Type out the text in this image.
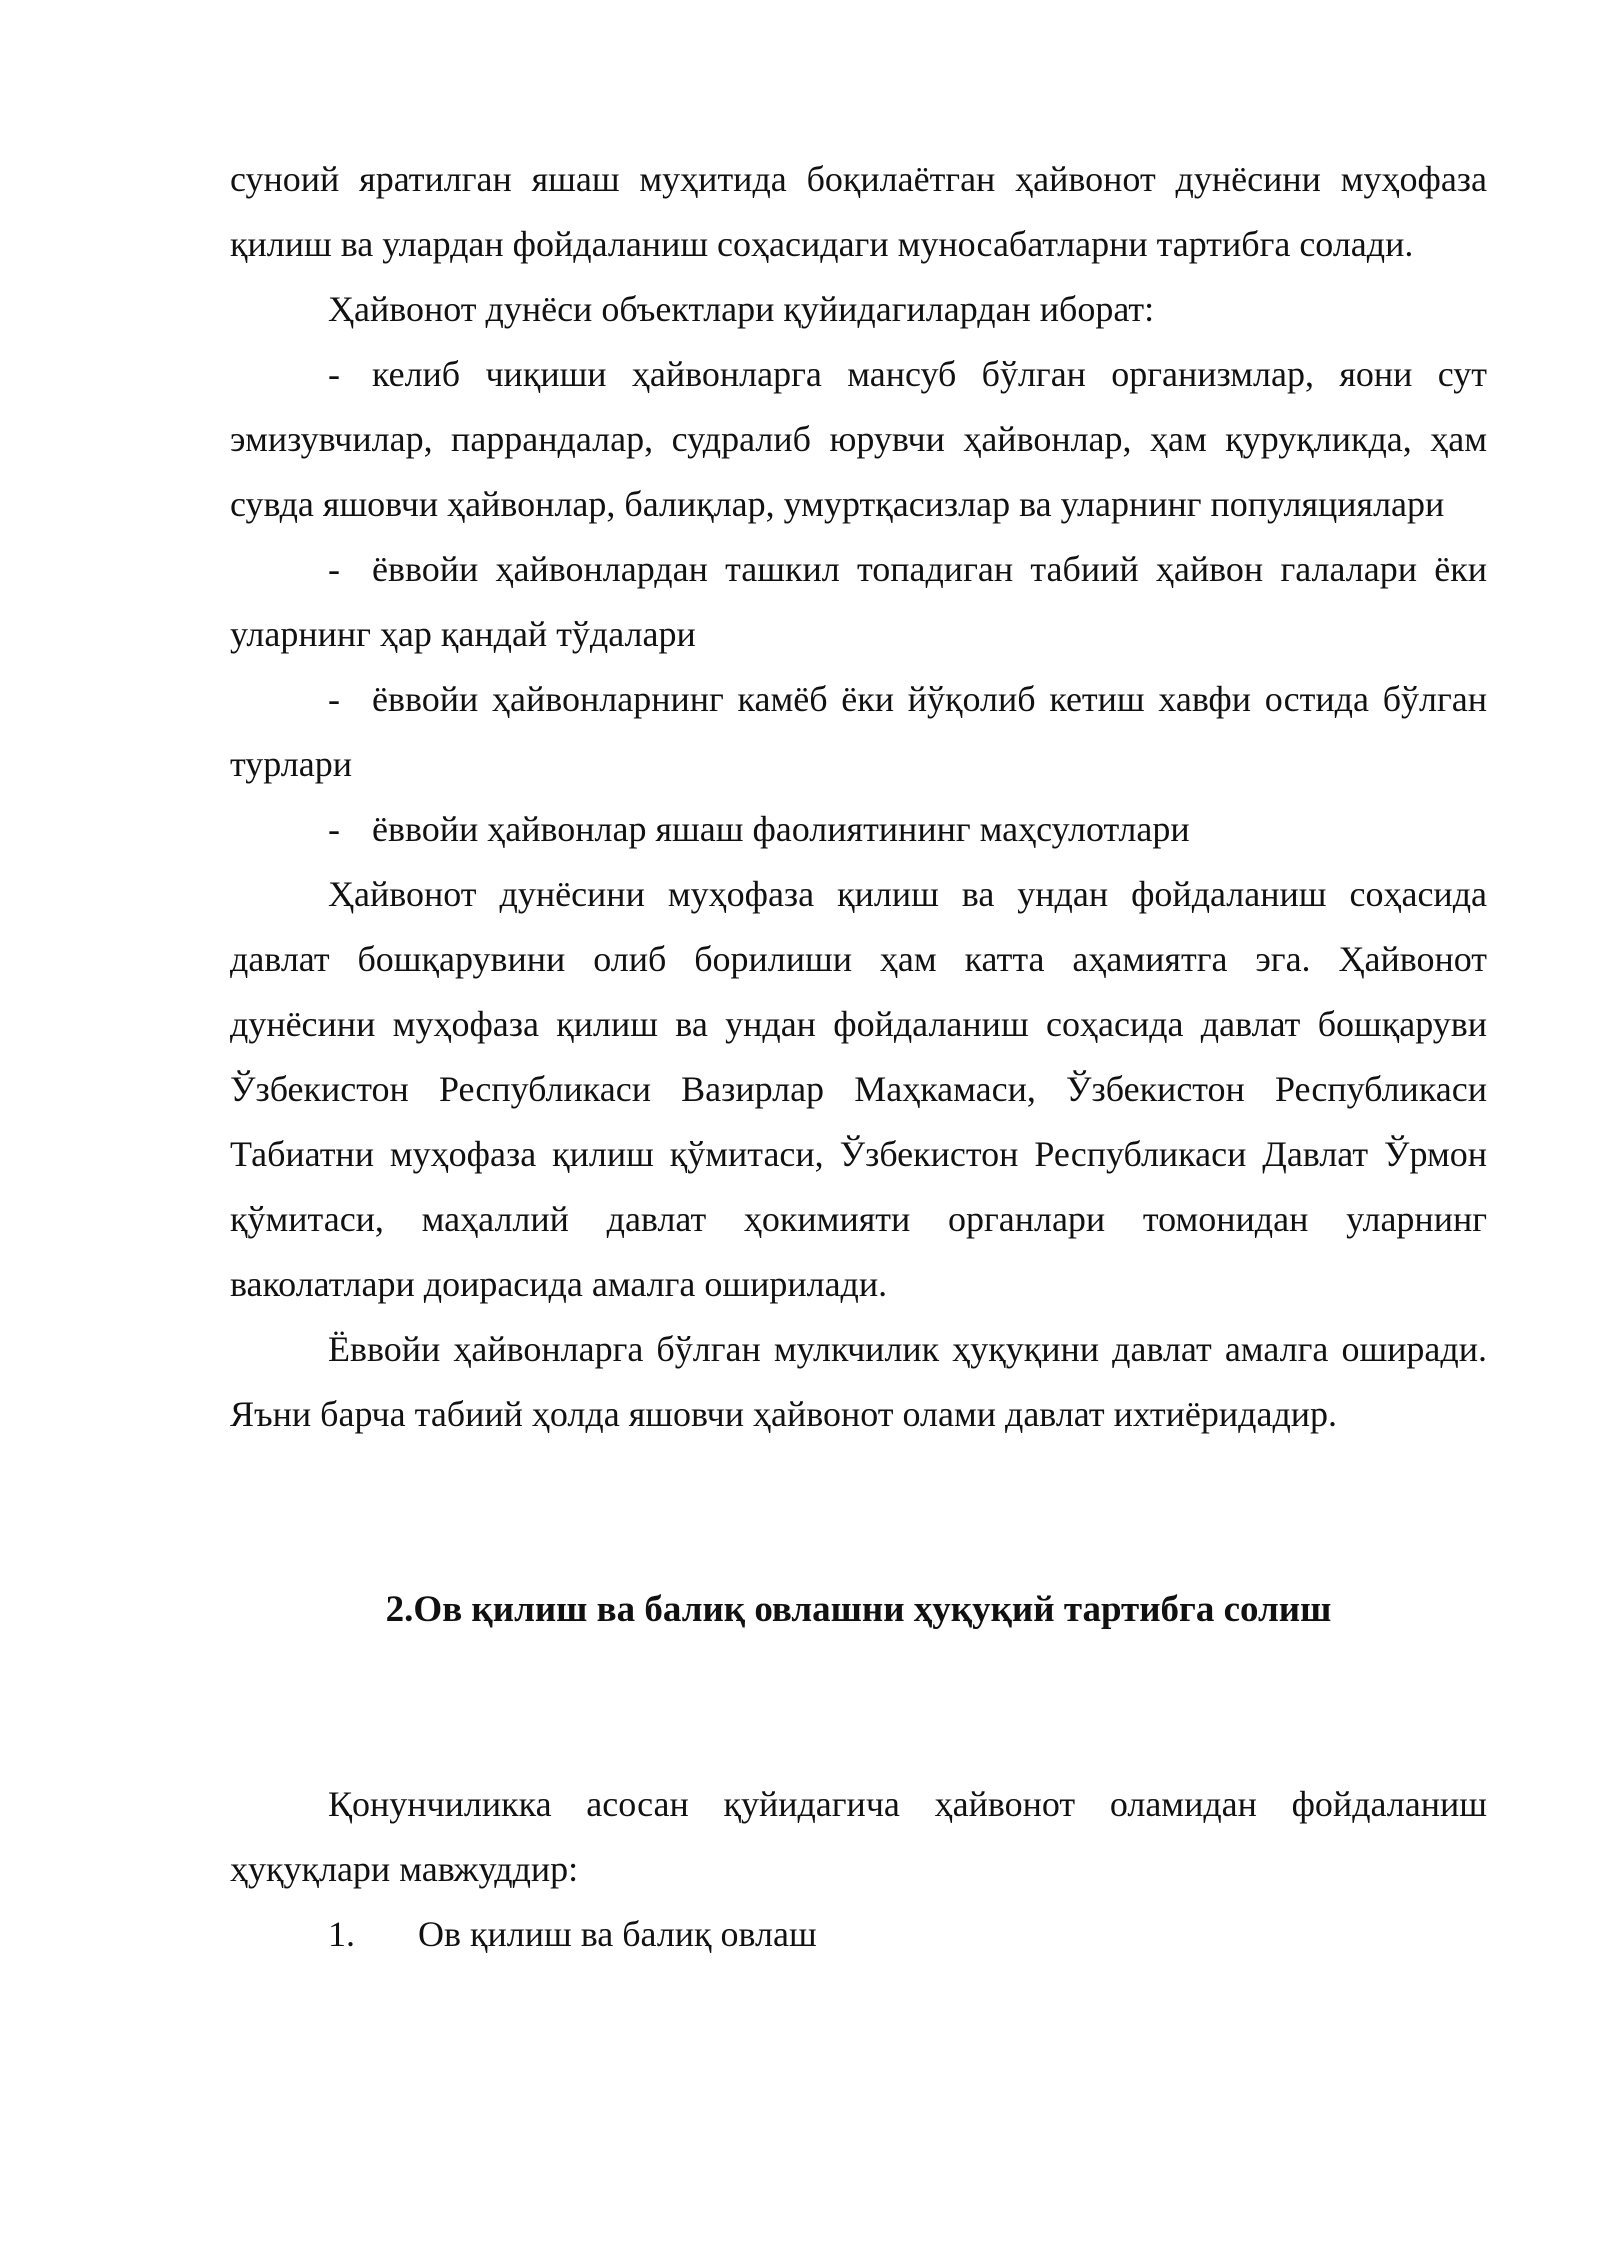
суноий яратилган яшаш муҳитида боқилаётган ҳайвонот дунёсини муҳофаза қилиш ва улардан фойдаланиш соҳасидаги муносабатларни тартибга солади.

Ҳайвонот дунёси объектлари қуйидагилардан иборат:

- келиб чиқиши ҳайвонларга мансуб бўлган организмлар, яони сут эмизувчилар, паррандалар, судралиб юрувчи ҳайвонлар, ҳам қуруқликда, ҳам сувда яшовчи ҳайвонлар, балиқлар, умуртқасизлар ва уларнинг популяциялари

- ёввойи ҳайвонлардан ташкил топадиган табиий ҳайвон галалари ёки уларнинг ҳар қандай тўдалари

- ёввойи ҳайвонларнинг камёб ёки йўқолиб кетиш хавфи остида бўлган турлари

- ёввойи ҳайвонлар яшаш фаолиятининг маҳсулотлари

Ҳайвонот дунёсини муҳофаза қилиш ва ундан фойдаланиш соҳасида давлат бошқарувини олиб борилиши ҳам катта аҳамиятга эга. Ҳайвонот дунёсини муҳофаза қилиш ва ундан фойдаланиш соҳасида давлат бошқаруви Ўзбекистон Республикаси Вазирлар Маҳкамаси, Ўзбекистон Республикаси Табиатни муҳофаза қилиш қўмитаси, Ўзбекистон Республикаси Давлат Ўрмон қўмитаси, маҳаллий давлат ҳокимияти органлари томонидан уларнинг ваколатлари доирасида амалга оширилади.

Ёввойи ҳайвонларга бўлган мулкчилик ҳуқуқини давлат амалга оширади. Яъни барча табиий ҳолда яшовчи ҳайвонот олами давлат ихтиёридадир.

2.Ов қилиш ва балиқ овлашни ҳуқуқий тартибга солиш

Қонунчиликка асосан қуйидагича ҳайвонот оламидан фойдаланиш ҳуқуқлари мавжуддир:

1. Ов қилиш ва балиқ овлаш
